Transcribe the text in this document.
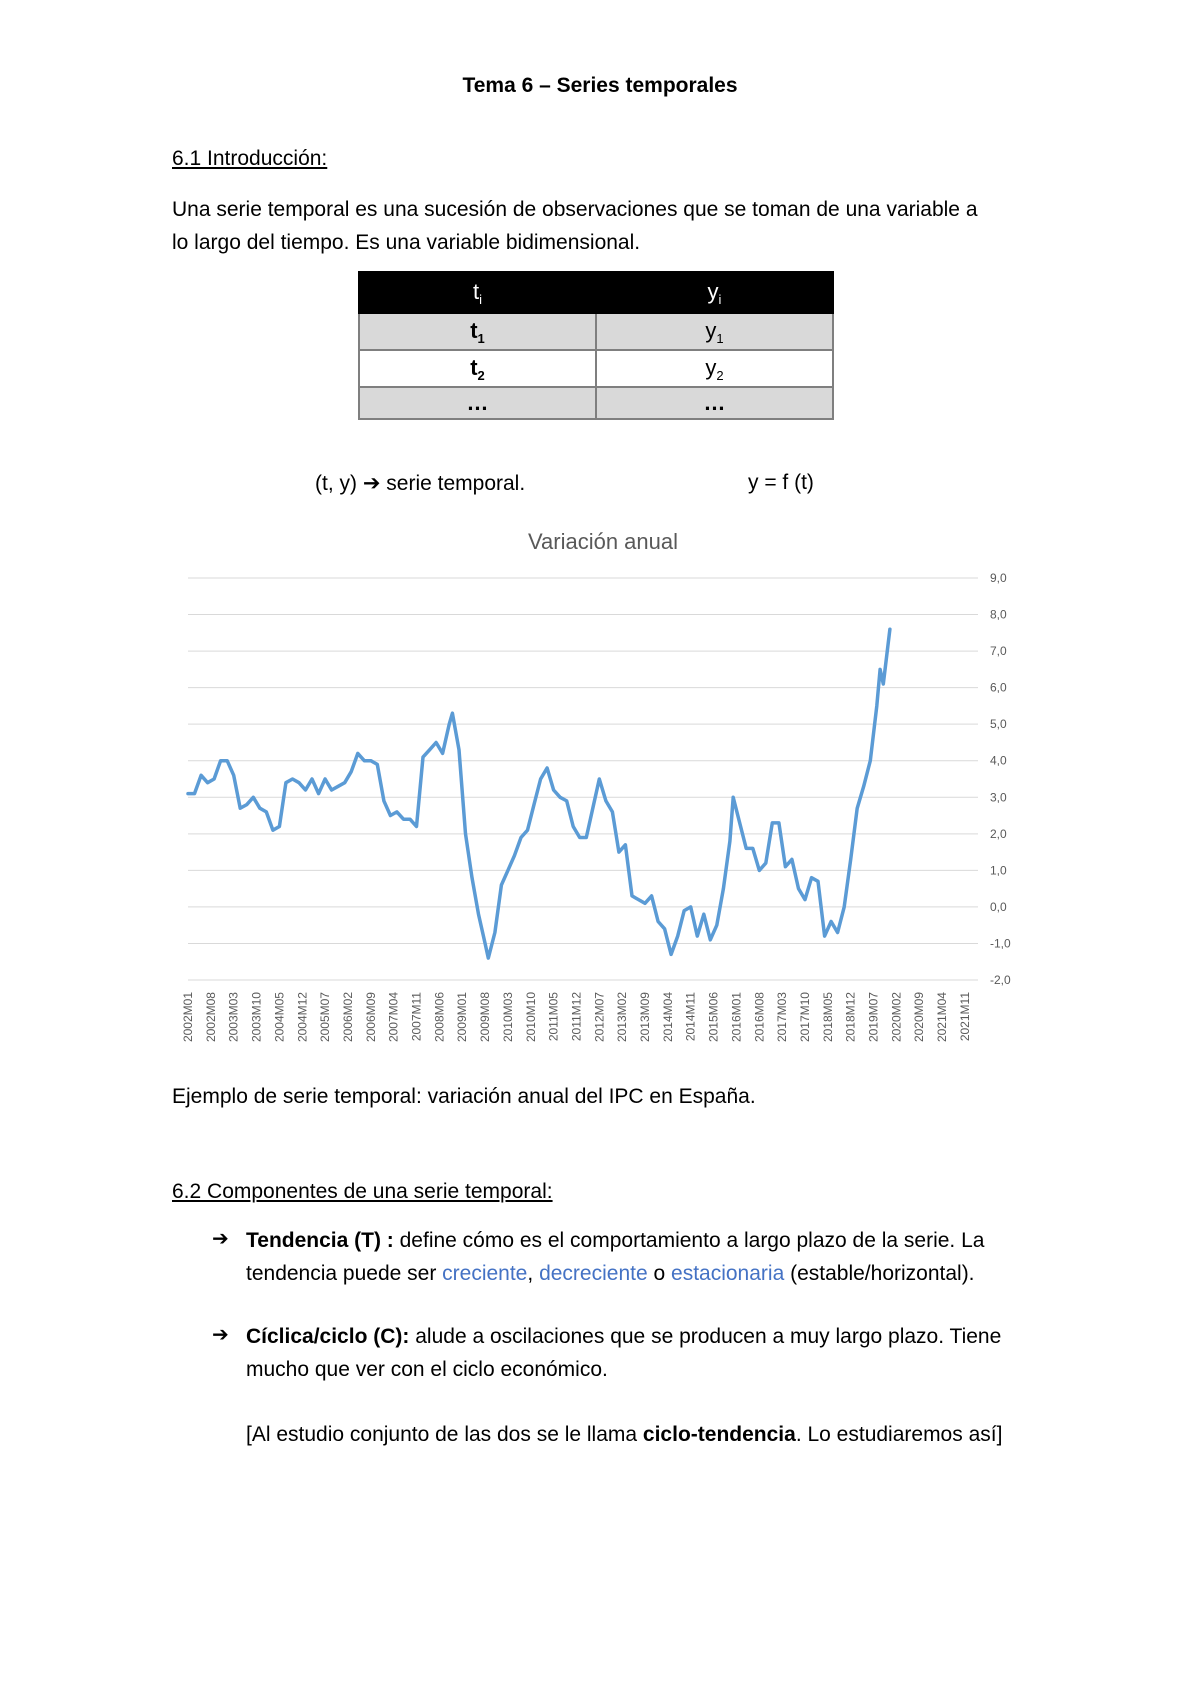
Tema 6 – Series temporales
6.1 Introducción:
Una serie temporal es una sucesión de observaciones que se toman de una variable a
lo largo del tiempo. Es una variable bidimensional.
$t_i$	$y_i$
$t_1$	$y_1$
$t_2$	$y_2$
…	…
(t, y) ➔ serie temporal.	y = f (t)
Variación anual
9,0
8,0
7,0
6,0
5,0
4,0
3,0
2,0
1,0
0,0
-1,0
-2,0
2002M01 2002M08 2003M03 2003M10 2004M05 2004M12 2005M07 2006M02 2006M09 2007M04 2007M11 2008M06 2009M01 2009M08 2010M03 2010M10 2011M05 2011M12 2012M07 2013M02 2013M09 2014M04 2014M11 2015M06 2016M01 2016M08 2017M03 2017M10 2018M05 2018M12 2019M07 2020M02 2020M09 2021M04 2021M11
Ejemplo de serie temporal: variación anual del IPC en España.
6.2 Componentes de una serie temporal:
➔ Tendencia (T) : define cómo es el comportamiento a largo plazo de la serie. La
tendencia puede ser creciente, decreciente o estacionaria (estable/horizontal).
➔ Cíclica/ciclo (C): alude a oscilaciones que se producen a muy largo plazo. Tiene
mucho que ver con el ciclo económico.
[Al estudio conjunto de las dos se le llama ciclo-tendencia. Lo estudiaremos así]
